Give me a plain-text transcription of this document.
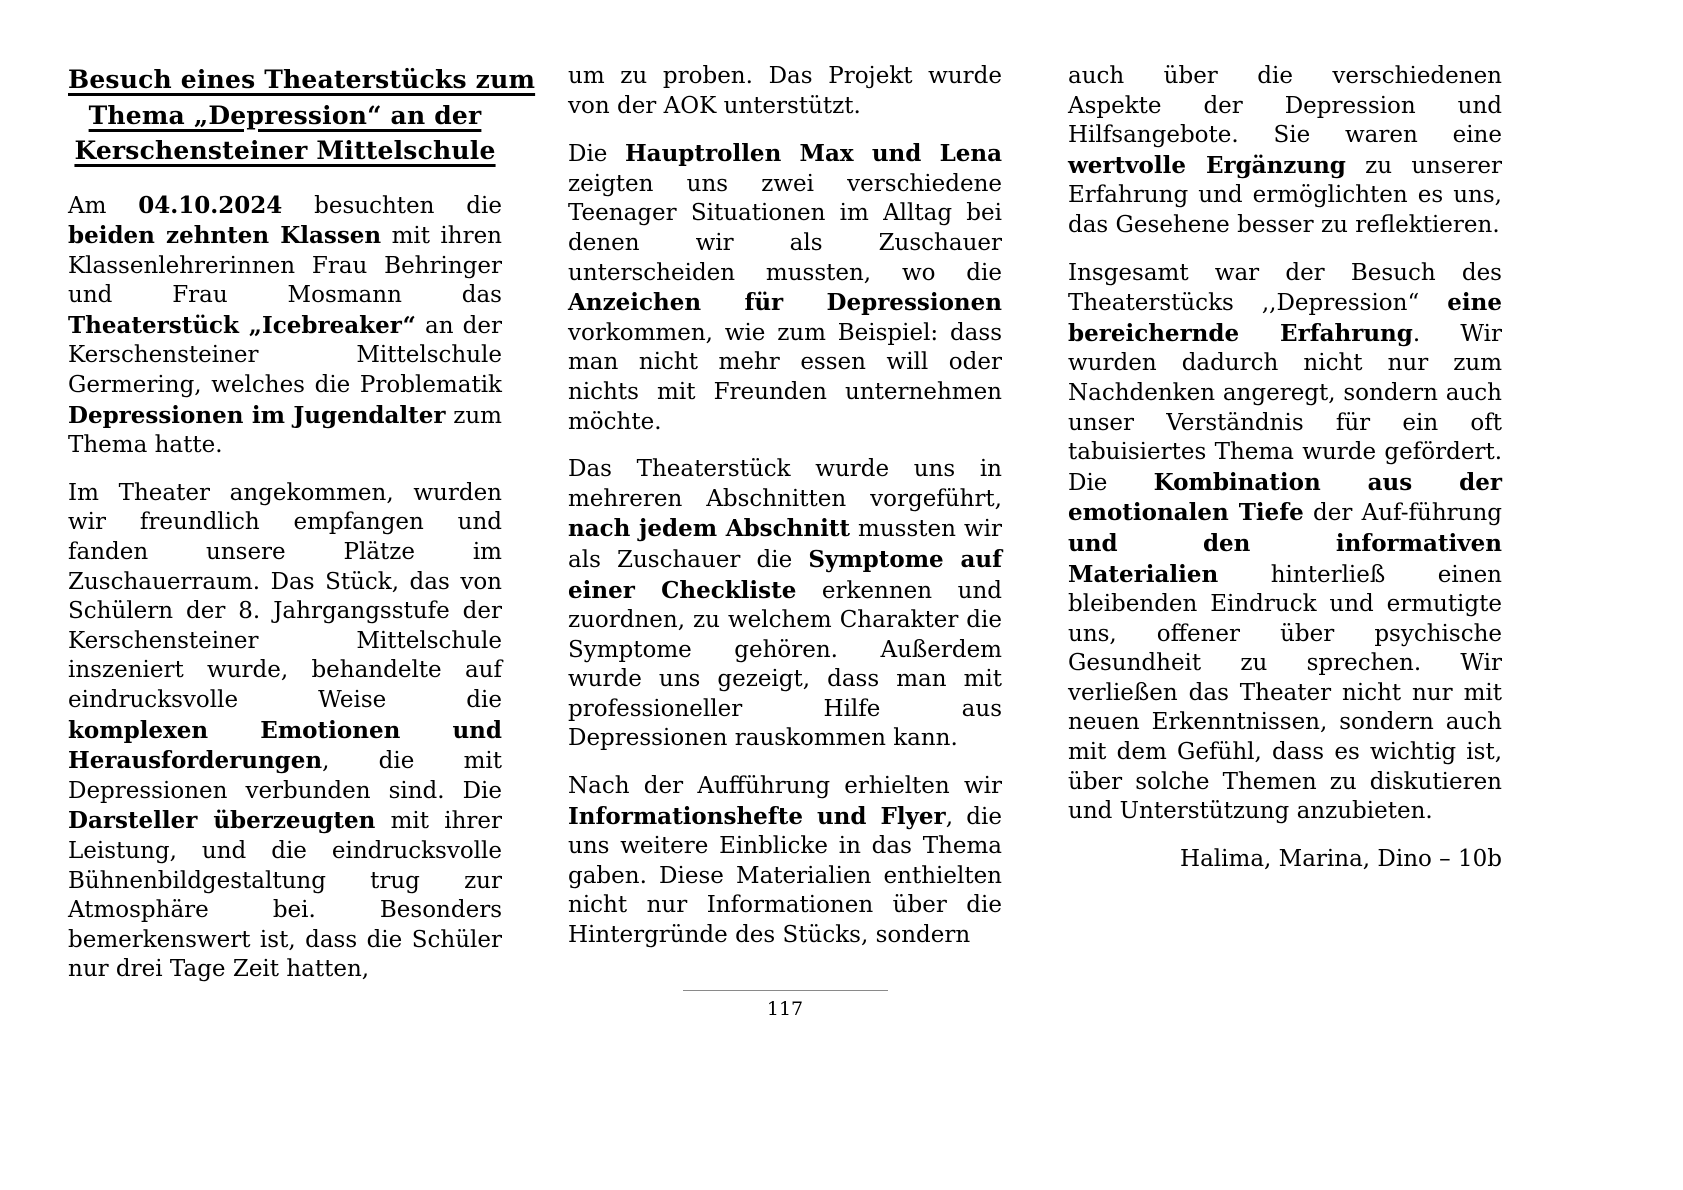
Besuch eines Theaterstücks zum
Thema „Depression“ an der
Kerschensteiner Mittelschule

Am 04.10.2024 besuchten die beiden zehnten Klassen mit ihren Klassenlehrerinnen Frau Behringer und Frau Mosmann das Theaterstück „Icebreaker“ an der Kerschensteiner Mittelschule Germering, welches die Problematik Depressionen im Jugendalter zum Thema hatte.

Im Theater angekommen, wurden wir freundlich empfangen und fanden unsere Plätze im Zuschauerraum. Das Stück, das von Schülern der 8. Jahrgangsstufe der Kerschensteiner Mittelschule inszeniert wurde, behandelte auf eindrucksvolle Weise die komplexen Emotionen und Herausforderungen, die mit Depressionen verbunden sind. Die Darsteller überzeugten mit ihrer Leistung, und die eindrucksvolle Bühnenbildgestaltung trug zur Atmosphäre bei. Besonders bemerkenswert ist, dass die Schüler nur drei Tage Zeit hatten,

um zu proben. Das Projekt wurde von der AOK unterstützt.

Die Hauptrollen Max und Lena zeigten uns zwei verschiedene Teenager Situationen im Alltag bei denen wir als Zuschauer unterscheiden mussten, wo die Anzeichen für Depressionen vorkommen, wie zum Beispiel: dass man nicht mehr essen will oder nichts mit Freunden unternehmen möchte.

Das Theaterstück wurde uns in mehreren Abschnitten vorgeführt, nach jedem Abschnitt mussten wir als Zuschauer die Symptome auf einer Checkliste erkennen und zuordnen, zu welchem Charakter die Symptome gehören. Außerdem wurde uns gezeigt, dass man mit professioneller Hilfe aus Depressionen rauskommen kann.

Nach der Aufführung erhielten wir Informationshefte und Flyer, die uns weitere Einblicke in das Thema gaben. Diese Materialien enthielten nicht nur Informationen über die Hintergründe des Stücks, sondern

auch über die verschiedenen Aspekte der Depression und Hilfsangebote. Sie waren eine wertvolle Ergänzung zu unserer Erfahrung und ermöglichten es uns, das Gesehene besser zu reflektieren.

Insgesamt war der Besuch des Theaterstücks ,,Depression“ eine bereichernde Erfahrung. Wir wurden dadurch nicht nur zum Nachdenken angeregt, sondern auch unser Verständnis für ein oft tabuisiertes Thema wurde gefördert. Die Kombination aus der emotionalen Tiefe der Auf-führung und den informativen Materialien hinterließ einen bleibenden Eindruck und ermutigte uns, offener über psychische Gesundheit zu sprechen. Wir verließen das Theater nicht nur mit neuen Erkenntnissen, sondern auch mit dem Gefühl, dass es wichtig ist, über solche Themen zu diskutieren und Unterstützung anzubieten.

Halima, Marina, Dino – 10b

117
